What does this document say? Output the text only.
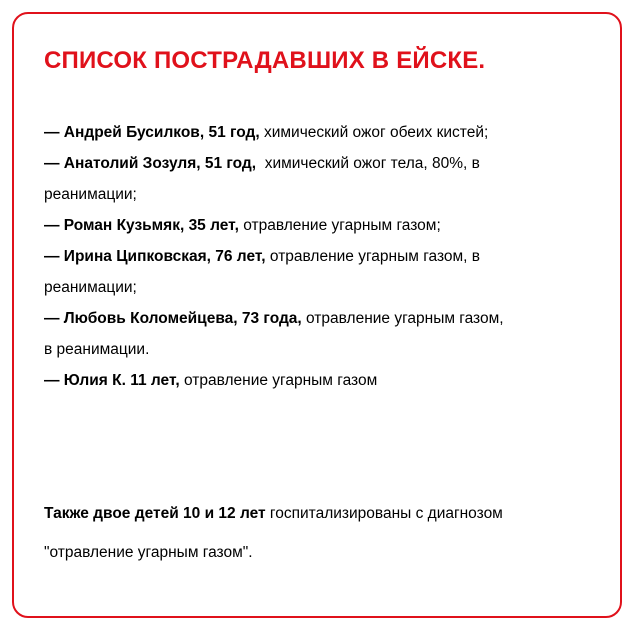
СПИСОК ПОСТРАДАВШИХ В ЕЙСКЕ.
— Андрей Бусилков, 51 год, химический ожог обеих кистей;
— Анатолий Зозуля, 51 год,  химический ожог тела, 80%, в
реанимации;
— Роман Кузьмяк, 35 лет, отравление угарным газом;
— Ирина Ципковская, 76 лет, отравление угарным газом, в
реанимации;
— Любовь Коломейцева, 73 года, отравление угарным газом,
в реанимации.
— Юлия К. 11 лет, отравление угарным газом

Также двое детей 10 и 12 лет госпитализированы с диагнозом
"отравление угарным газом".
